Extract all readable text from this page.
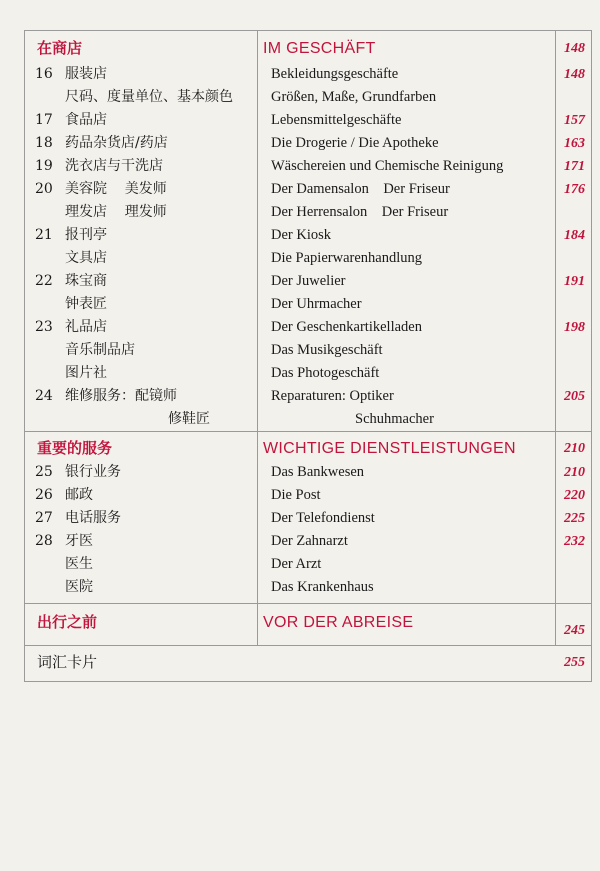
在商店	IM GESCHÄFT	148
16 服装店	Bekleidungsgeschäfte	148
尺码、度量单位、基本颜色	Größen, Maße, Grundfarben
17 食品店	Lebensmittelgeschäfte	157
18 药品杂货店/药店	Die Drogerie / Die Apotheke	163
19 洗衣店与干洗店	Wäschereien und Chemische Reinigung	171
20 美容院    美发师	Der Damensalon    Der Friseur	176
理发店    理发师	Der Herrensalon    Der Friseur
21 报刊亭	Der Kiosk	184
文具店	Die Papierwarenhandlung
22 珠宝商	Der Juwelier	191
钟表匠	Der Uhrmacher
23 礼品店	Der Geschenkartikelladen	198
音乐制品店	Das Musikgeschäft
图片社	Das Photogeschäft
24 维修服务：配镜师	Reparaturen: Optiker	205
修鞋匠	Schuhmacher
重要的服务	WICHTIGE DIENSTLEISTUNGEN	210
25 银行业务	Das Bankwesen	210
26 邮政	Die Post	220
27 电话服务	Der Telefondienst	225
28 牙医	Der Zahnarzt	232
医生	Der Arzt
医院	Das Krankenhaus
出行之前	VOR DER ABREISE	245
词汇卡片	255
